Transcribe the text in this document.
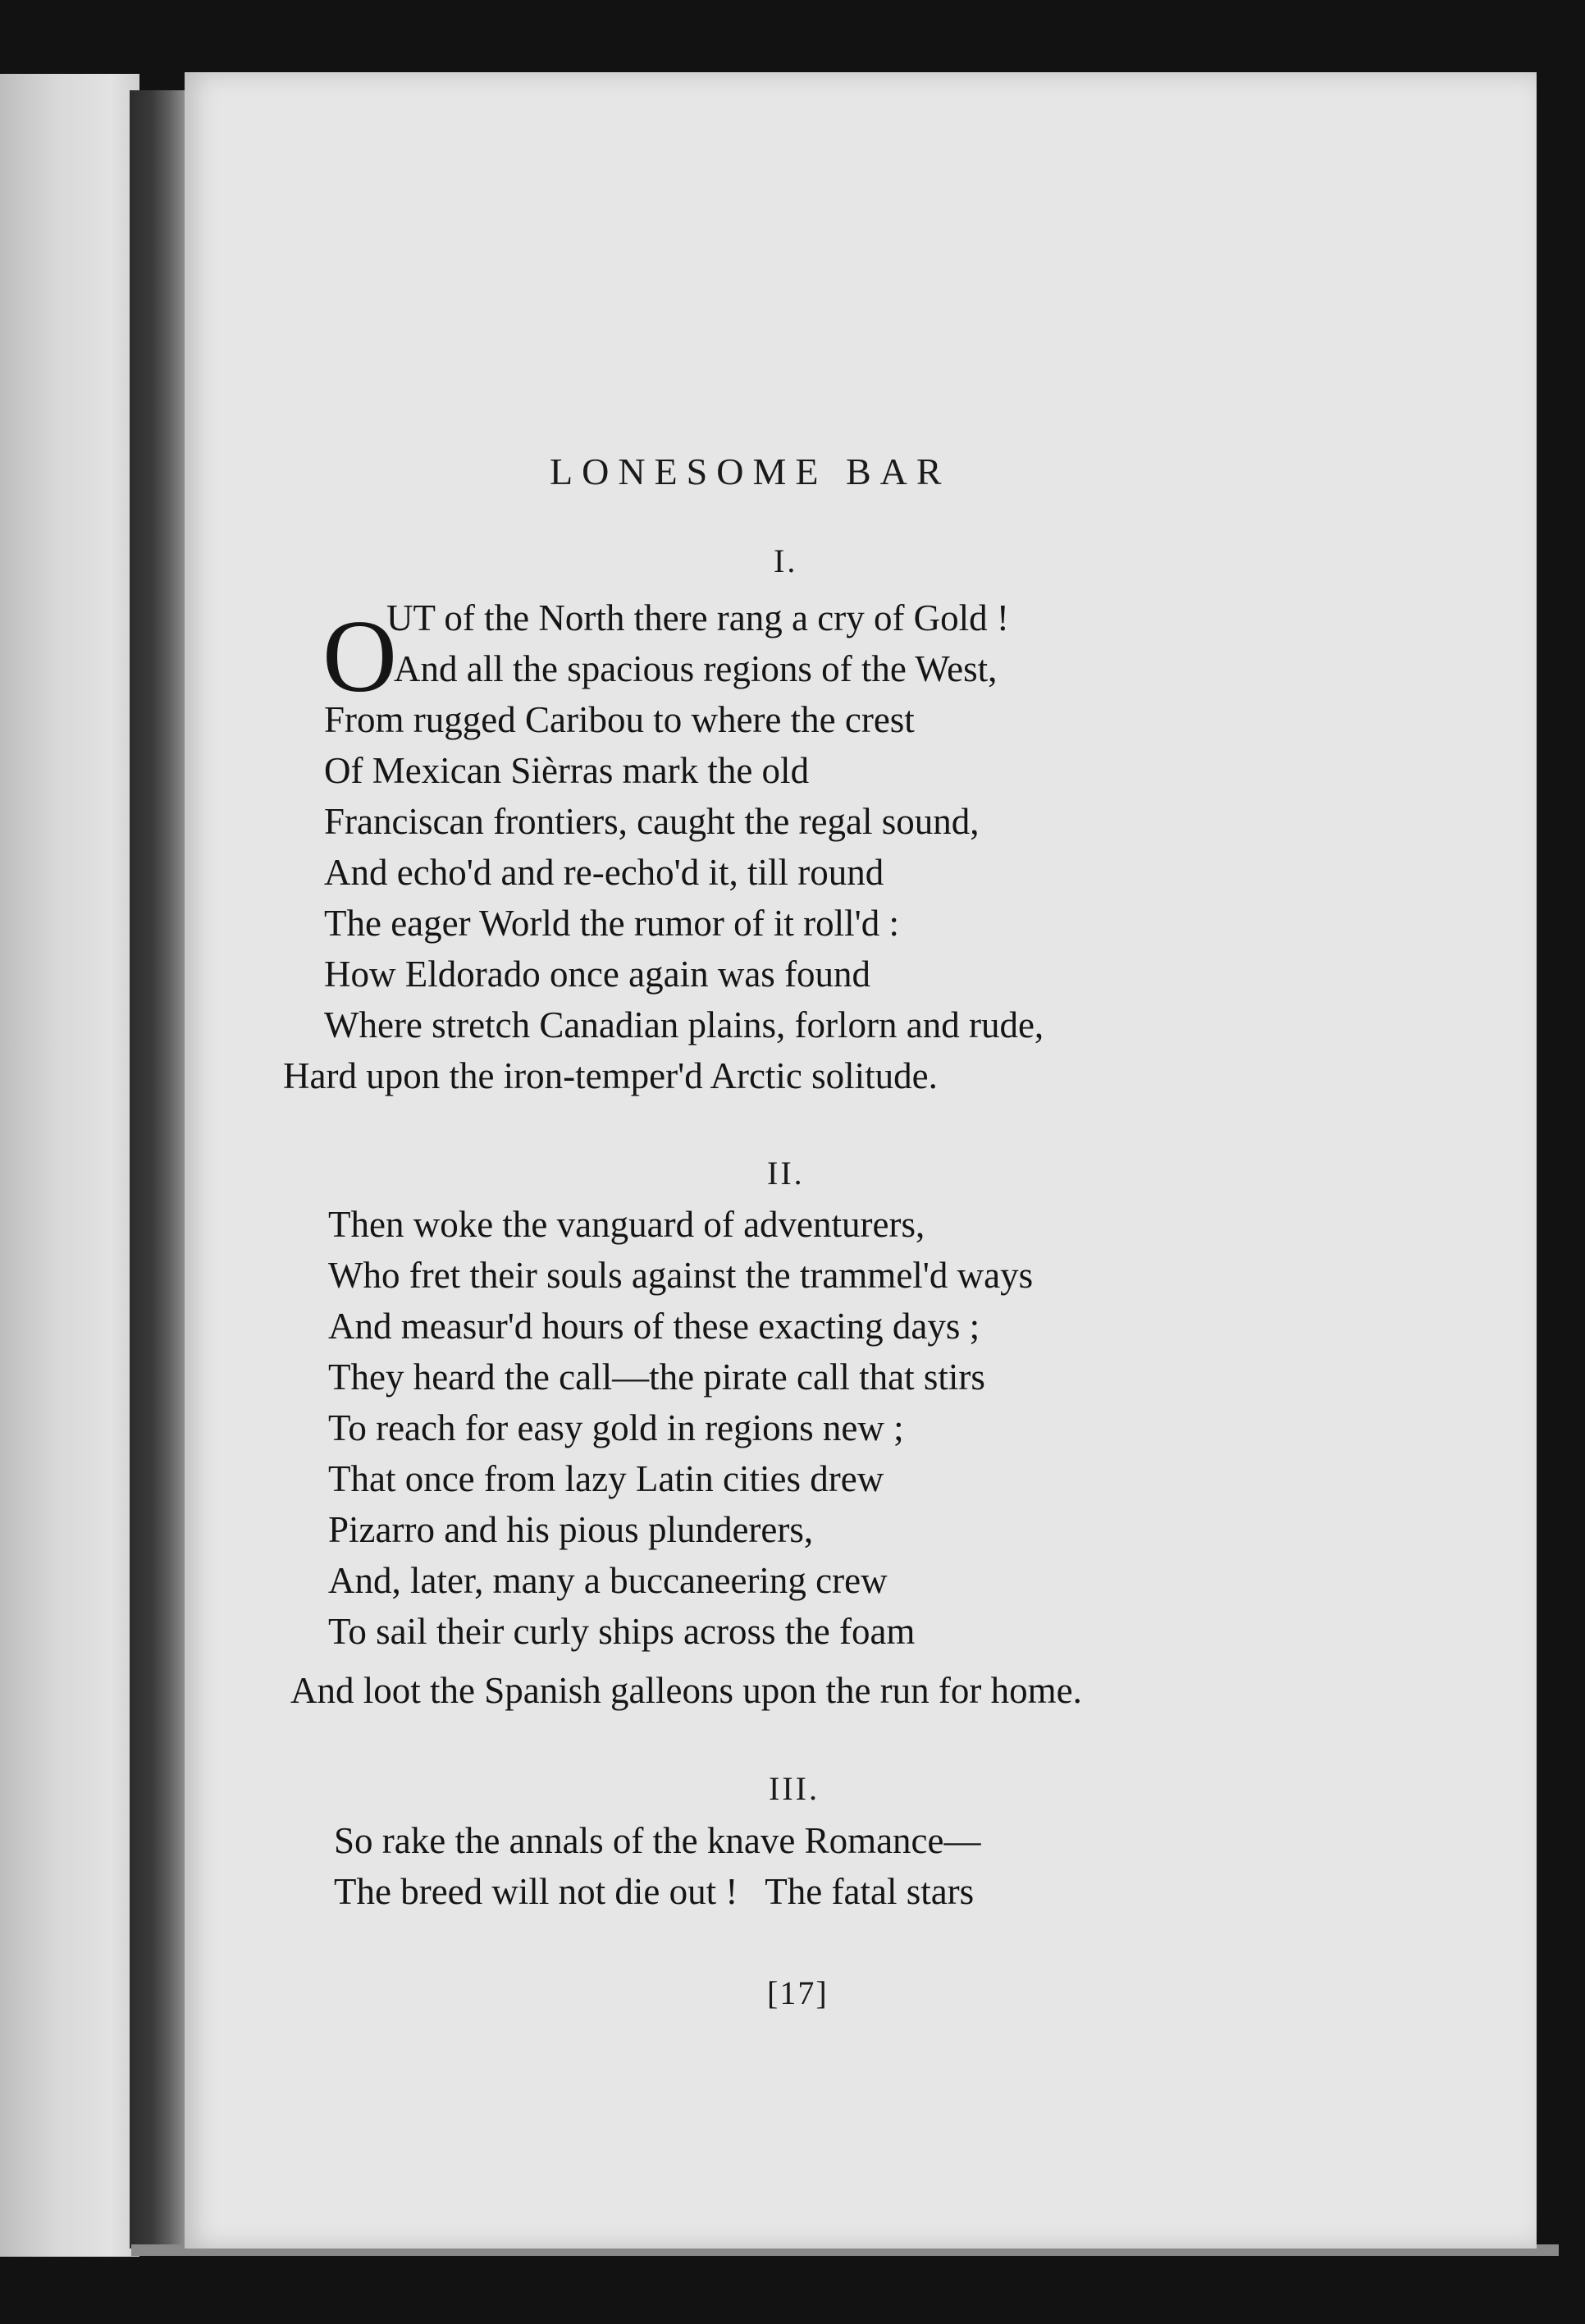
LONESOME BAR
I.
O
UT of the North there rang a cry of Gold !
And all the spacious regions of the West,
From rugged Caribou to where the crest
Of Mexican Sièrras mark the old
Franciscan frontiers, caught the regal sound,
And echo'd and re-echo'd it, till round
The eager World the rumor of it roll'd :
How Eldorado once again was found
Where stretch Canadian plains, forlorn and rude,
Hard upon the iron-temper'd Arctic solitude.
II.
Then woke the vanguard of adventurers,
Who fret their souls against the trammel'd ways
And measur'd hours of these exacting days ;
They heard the call—the pirate call that stirs
To reach for easy gold in regions new ;
That once from lazy Latin cities drew
Pizarro and his pious plunderers,
And, later, many a buccaneering crew
To sail their curly ships across the foam
And loot the Spanish galleons upon the run for home.
III.
So rake the annals of the knave Romance—
The breed will not die out !   The fatal stars
[17]
